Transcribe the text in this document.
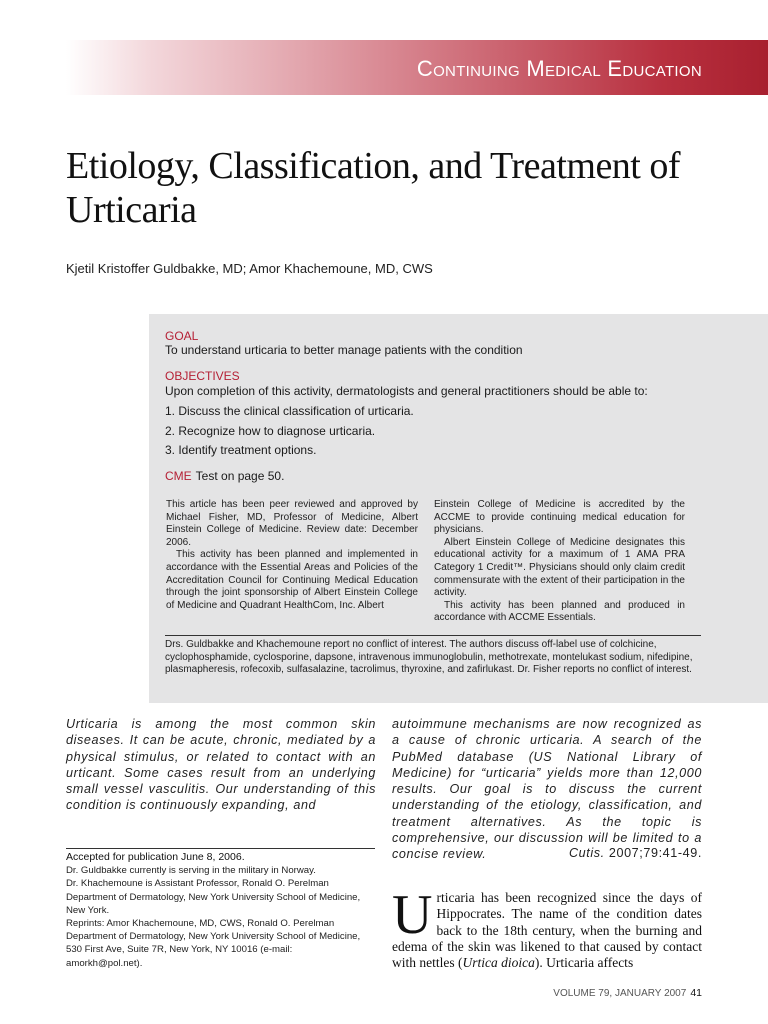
Continuing Medical Education
Etiology, Classification, and Treatment of Urticaria
Kjetil Kristoffer Guldbakke, MD; Amor Khachemoune, MD, CWS
GOAL
To understand urticaria to better manage patients with the condition
OBJECTIVES
Upon completion of this activity, dermatologists and general practitioners should be able to:
1. Discuss the clinical classification of urticaria.
2. Recognize how to diagnose urticaria.
3. Identify treatment options.
CME Test on page 50.

This article has been peer reviewed and approved by Michael Fisher, MD, Professor of Medicine, Albert Einstein College of Medicine. Review date: December 2006.

This activity has been planned and implemented in accordance with the Essential Areas and Policies of the Accreditation Council for Continuing Medical Education through the joint sponsorship of Albert Einstein College of Medicine and Quadrant HealthCom, Inc. Albert

Einstein College of Medicine is accredited by the ACCME to provide continuing medical education for physicians.

Albert Einstein College of Medicine designates this educational activity for a maximum of 1 AMA PRA Category 1 Credit™. Physicians should only claim credit commensurate with the extent of their participation in the activity.

This activity has been planned and produced in accordance with ACCME Essentials.

Drs. Guldbakke and Khachemoune report no conflict of interest. The authors discuss off-label use of colchicine, cyclophosphamide, cyclosporine, dapsone, intravenous immunoglobulin, methotrexate, montelukast sodium, nifedipine, plasmapheresis, rofecoxib, sulfasalazine, tacrolimus, thyroxine, and zafirlukast. Dr. Fisher reports no conflict of interest.
Urticaria is among the most common skin diseases. It can be acute, chronic, mediated by a physical stimulus, or related to contact with an urticant. Some cases result from an underlying small vessel vasculitis. Our understanding of this condition is continuously expanding, and
autoimmune mechanisms are now recognized as a cause of chronic urticaria. A search of the PubMed database (US National Library of Medicine) for “urticaria” yields more than 12,000 results. Our goal is to discuss the current understanding of the etiology, classification, and treatment alternatives. As the topic is comprehensive, our discussion will be limited to a concise review.	Cutis. 2007;79:41-49.
Accepted for publication June 8, 2006.
Dr. Guldbakke currently is serving in the military in Norway.
Dr. Khachemoune is Assistant Professor, Ronald O. Perelman Department of Dermatology, New York University School of Medicine, New York.
Reprints: Amor Khachemoune, MD, CWS, Ronald O. Perelman Department of Dermatology, New York University School of Medicine, 530 First Ave, Suite 7R, New York, NY 10016 (e-mail: amorkh@pol.net).

Urticaria has been recognized since the days of Hippocrates. The name of the condition dates back to the 18th century, when the burning and edema of the skin was likened to that caused by contact with nettles (Urtica dioica). Urticaria affects

VOLUME 79, JANUARY 2007 41
